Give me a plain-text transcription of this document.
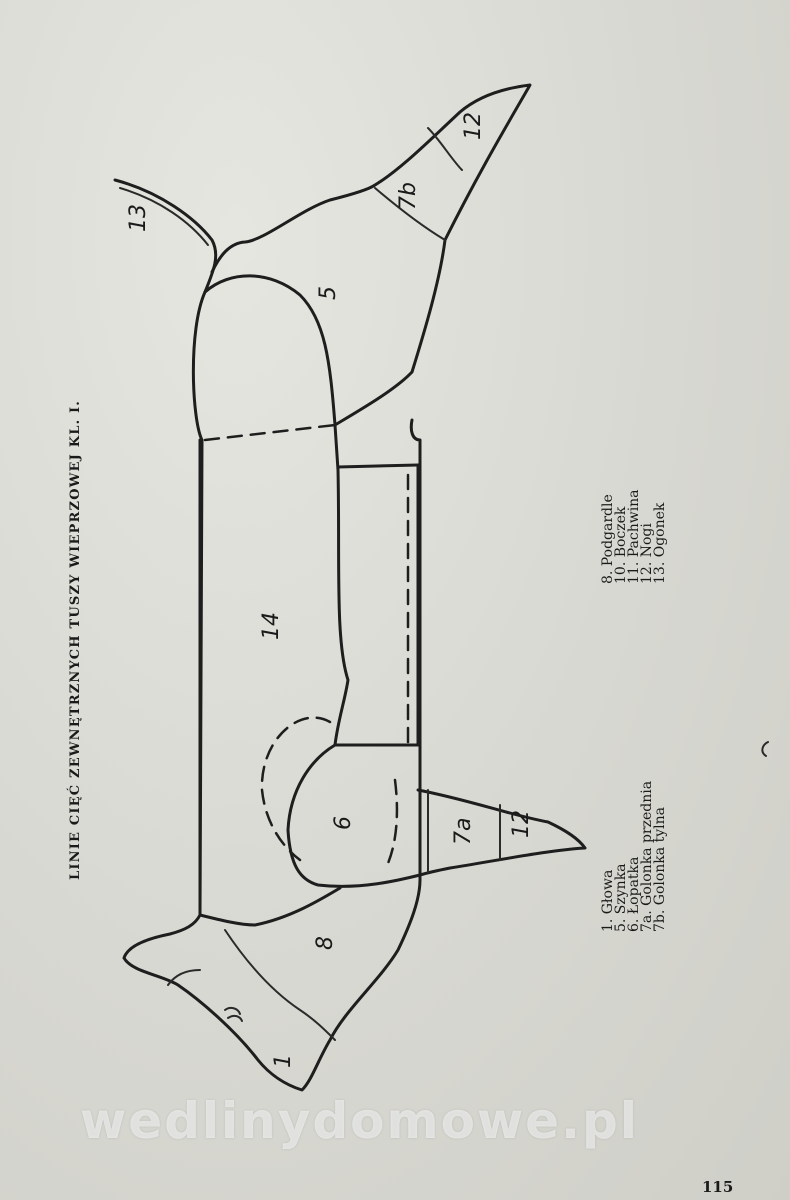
13
12
7b
5
14
6	7a 12
8
1
LINIE CIĘĆ ZEWNĘTRZNYCH TUSZY WIEPRZOWEJ KL. I.
1. Głowa
5. Szynka
6. Łopatka
7a. Golonka przednia
7b. Golonka tylna
8. Podgardle
10. Boczek
11. Pachwina
12. Nogi
13. Ogonek
wedlinydomowe.pl
115
